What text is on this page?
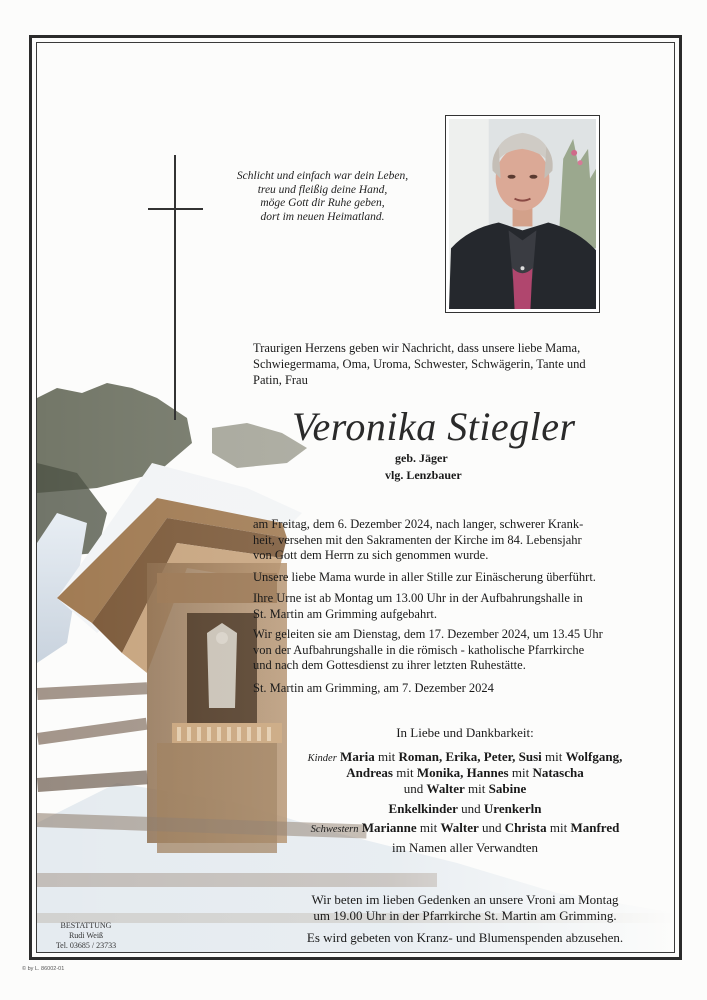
Schlicht und einfach war dein Leben,
treu und fleißig deine Hand,
möge Gott dir Ruhe geben,
dort im neuen Heimatland.
Traurigen Herzens geben wir Nachricht, dass unsere liebe Mama, Schwiegermama, Oma, Uroma, Schwester, Schwägerin, Tante und Patin, Frau
Veronika Stiegler
geb. Jäger
vlg. Lenzbauer
am Freitag, dem 6. Dezember 2024, nach langer, schwerer Krank-
heit, versehen mit den Sakramenten der Kirche im 84. Lebensjahr
von Gott dem Herrn zu sich genommen wurde.
Unsere liebe Mama wurde in aller Stille zur Einäscherung überführt.
Ihre Urne ist ab Montag um 13.00 Uhr in der Aufbahrungshalle in
St. Martin am Grimming aufgebahrt.
Wir geleiten sie am Dienstag, dem 17. Dezember 2024, um 13.45 Uhr
von der Aufbahrungshalle in die römisch - katholische Pfarrkirche
und nach dem Gottesdienst zu ihrer letzten Ruhestätte.
St. Martin am Grimming, am 7. Dezember 2024
In Liebe und Dankbarkeit:
Kinder Maria mit Roman, Erika, Peter, Susi mit Wolfgang,
Andreas mit Monika, Hannes mit Natascha
und Walter mit Sabine
Enkelkinder und Urenkerln
Schwestern Marianne mit Walter und Christa mit Manfred
im Namen aller Verwandten
Wir beten im lieben Gedenken an unsere Vroni am Montag
um 19.00 Uhr in der Pfarrkirche St. Martin am Grimming.
Es wird gebeten von Kranz- und Blumenspenden abzusehen.
BESTATTUNG
Rudi Weiß
Tel. 03685 / 23733
© by L. 86002-01
